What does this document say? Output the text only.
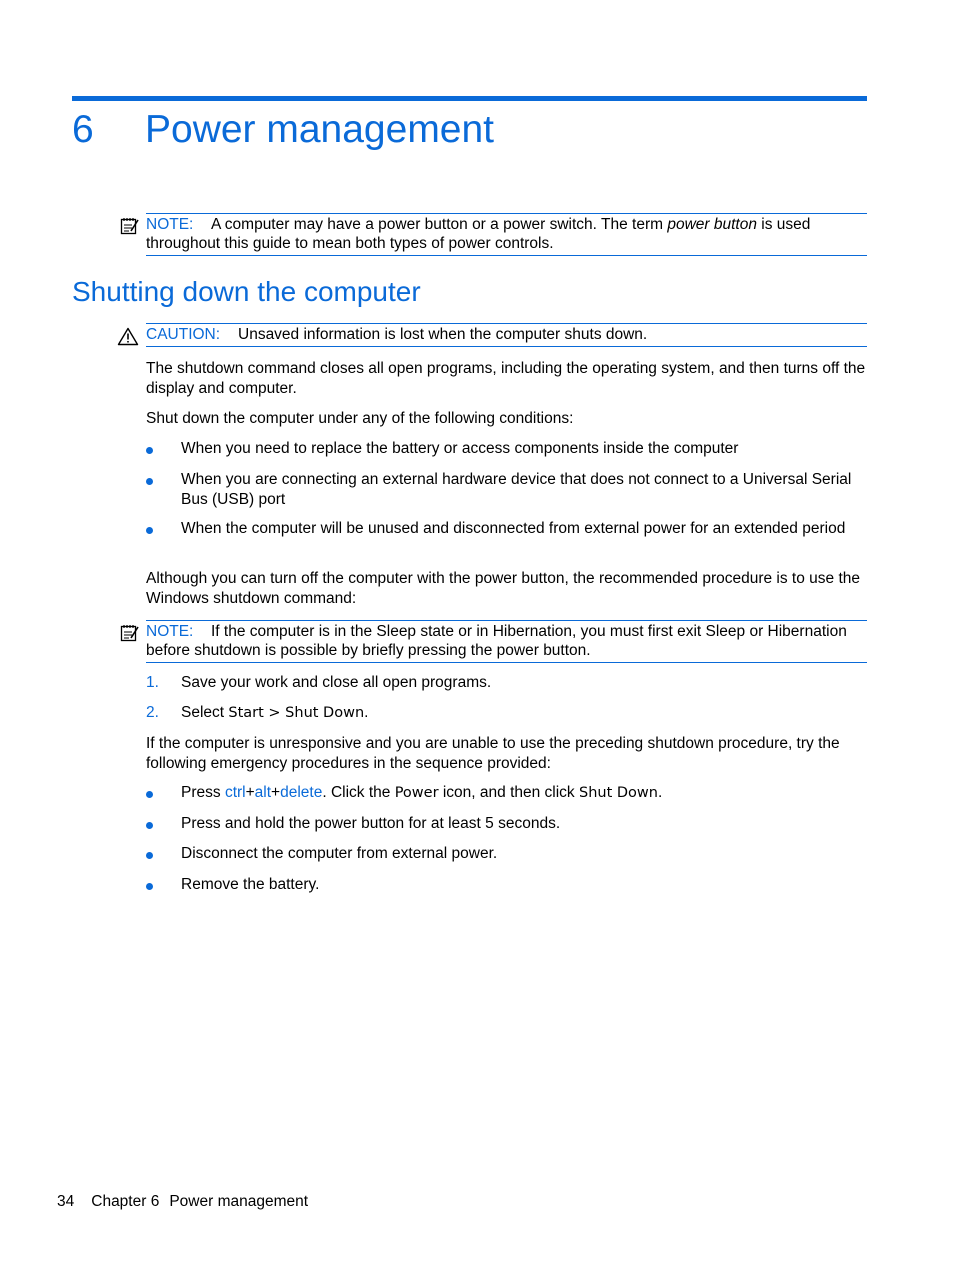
6 Power management
NOTE: A computer may have a power button or a power switch. The term power button is used throughout this guide to mean both types of power controls.
Shutting down the computer
CAUTION: Unsaved information is lost when the computer shuts down.
The shutdown command closes all open programs, including the operating system, and then turns off the display and computer.
Shut down the computer under any of the following conditions:
When you need to replace the battery or access components inside the computer
When you are connecting an external hardware device that does not connect to a Universal Serial Bus (USB) port
When the computer will be unused and disconnected from external power for an extended period
Although you can turn off the computer with the power button, the recommended procedure is to use the Windows shutdown command:
NOTE: If the computer is in the Sleep state or in Hibernation, you must first exit Sleep or Hibernation before shutdown is possible by briefly pressing the power button.
1. Save your work and close all open programs.
2. Select Start > Shut Down.
If the computer is unresponsive and you are unable to use the preceding shutdown procedure, try the following emergency procedures in the sequence provided:
Press ctrl+alt+delete. Click the Power icon, and then click Shut Down.
Press and hold the power button for at least 5 seconds.
Disconnect the computer from external power.
Remove the battery.
34 Chapter 6 Power management
